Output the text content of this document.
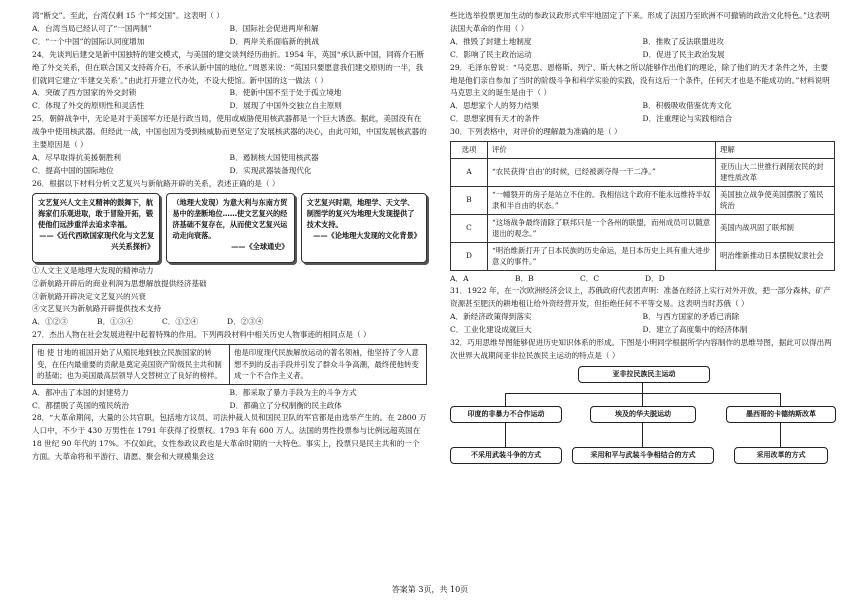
湾“断交”。至此，台湾仅剩 15 个“邦交国”。这表明（ ）

A．台湾当局已经认可了“一国两制”	B．国际社会促进两岸和解
C．“一个中国”的国际认同度增加	D．两岸关系面临新的挑战

24．先谈判后建交是新中国独特的建交模式，与美国的建交谈判经历曲折。1954 年，英国“承认新中国，同蒋介石断绝了外交关系，但在联合国又支持蒋介石，不承认新中国的地位。”周恩来说：“英国只要愿意我们建交原则的一半，我们就同它建立‘半建交关系’。”由此打开建立代办处，不设大使馆。新中国的这一做法（ ）

A．突破了西方国家的外交封锁	B．使新中国不至于处于孤立境地
C．体现了外交的原则性和灵活性	D．展现了中国外交独立自主原则

25．朝鲜战争中，无论是对于美国军方还是行政当局，使用或威胁使用核武器都是一个巨大诱惑。据此，美国没有在战争中使用核武器。但经此一战，中国也因为受到核威胁而更坚定了发展核武器的决心，由此可知，中国发展核武器的主要原因是（ ）

A．尽早取得抗美援朝胜利	B．遏制核大国使用核武器
C．提高中国的国际地位	D．实现武器装备现代化

26．根据以下材料分析文艺复兴与新航路开辟的关系，表述正确的是（ ）

文艺复兴人文主义精神的鼓舞下，航海家们乐观进取，敢于冒险开拓，锻使他们远涉重洋去追求幸福。
——《近代西欧国家现代化与文艺复兴关系探析》
（地理大发现）为意大利与东南方贸易中的垄断地位……使文艺复兴的经济基础不复存在，从而使文艺复兴运动走向衰落。
——《全球通史》
文艺复兴时期，地理学、天文学、制图学的复兴为地理大发现提供了技术支持。
——《论地理大发现的文化背景》

①人文主义是地理大发现的精神动力

②新航路开辟后的商业利润为思想解放提供经济基础

③新航路开辟决定文艺复兴的兴衰

④文艺复兴为新航路开辟提供技术支持

A．①②③	B．①③④	C．①②④	D．②③④

27．杰出人物在社会发展进程中起着特殊的作用。下列两段材料中相关历史人物事迹的相同点是（ ）

他 使 甘地的祖国开始了从殖民地到独立民族国家的转变，在任内最重要的贡献是奠定美国资产阶级民主共和制的基础；也为美国最高层领导人交替树立了良好的榜样。	他是印度现代民族解放运动的著名领袖，他坚持了令人意想不到的反击手段并引发了群众斗争高潮，最终使他转变成一个不合作主义者。
A．都冲击了本国的封建势力	B．都采取了暴力手段为主的斗争方式
C．都摆脱了英国的殖民统治	D．都确立了分权制衡的民主政体

28．“大革命期间，大量的公共官职，包括地方议员、司法仲裁人员和国民卫队的军官都是由选举产生的。在 2800 万人口中，不少于 430 万男性在 1791 年获得了投票权。1793 年有 600 万人。法国的男性投票参与比例远超英国在 18 世纪 90 年代的 17%。不仅如此，女性参政议政也是大革命时期的一大特色。事实上，投票只是民主共和的一个方面。大革命将和平游行、请愿、聚会和大规模集会这

些比选举投票更加生动的参政议政形式牢牢地固定了下来。形成了法国乃至欧洲不可撤销的政治文化特色。”这表明法国大革命的作用（ ）

A．推毁了封建土地制度	B．推败了反法联盟进攻
C．影响了民主政治运动	D．促进了民主政治发展

29．毛泽东曾说：“马克思、恩格斯、列宁、斯大林之所以能够作出他们的理论，除了他们的天才条件之外，主要地是他们亲自参加了当时的阶级斗争和科学实验的实践，没有这后一个条件，任何天才也是不能成功的。”材料说明马克思主义的诞生是由于（ ）

A．思想家个人的努力结果	B．积极吸收借鉴优秀文化
C．思想家拥有天才的条件	D．注重理论与实践相结合

30．下列表格中，对评价的理解最为准确的是（ ）

选项	评价	理解
A	“农民获得‘自由’的时候，已经被剥夺得一干二净。”	亚历山大二世推行剥削农民的封建性质改革
B	“一幢裂开的房子是站立不住的。我相信这个政府不能永远维持半奴隶和半自由的状态。”	美国独立战争使美国摆脱了殖民统治
C	“这场战争最终清除了联邦只是一个各州的联盟，而州成员可以随意退出的观念。”	美国内战巩固了联邦制
D	“明治维新打开了日本民族的历史命运，是日本历史上具有重大进步意义的事件。”	明治维新推动日本摆脱奴隶社会
A．A	B．B	C．C	D．D

31．1922 年，在一次欧洲经济会议上，苏俄政府代表团声明：准备在经济上实行对外开放，把一部分森林、矿产资源甚至肥沃的耕地租让给外资经营开发，但拒绝任何不平等交易。这表明当时苏俄（ ）

A．新经济政策得到落实	B．与西方国家的矛盾已消除
C．工业化建设成就巨大	D．建立了高度集中的经济体制

32．巧用思维导图能够促进历史知识体系的形成。下图是小明同学根据所学内容制作的思维导图，据此可以得出两次世界大战期间亚非拉民族民主运动的特点是（ ）

亚非拉民族民主运动
印度的非暴力不合作运动	埃及的华夫脱运动	墨西哥的卡德纳斯改革
不采用武装斗争的方式	采用和平与武装斗争相结合的方式	采用改革的方式
答案第 3页，共 10页
